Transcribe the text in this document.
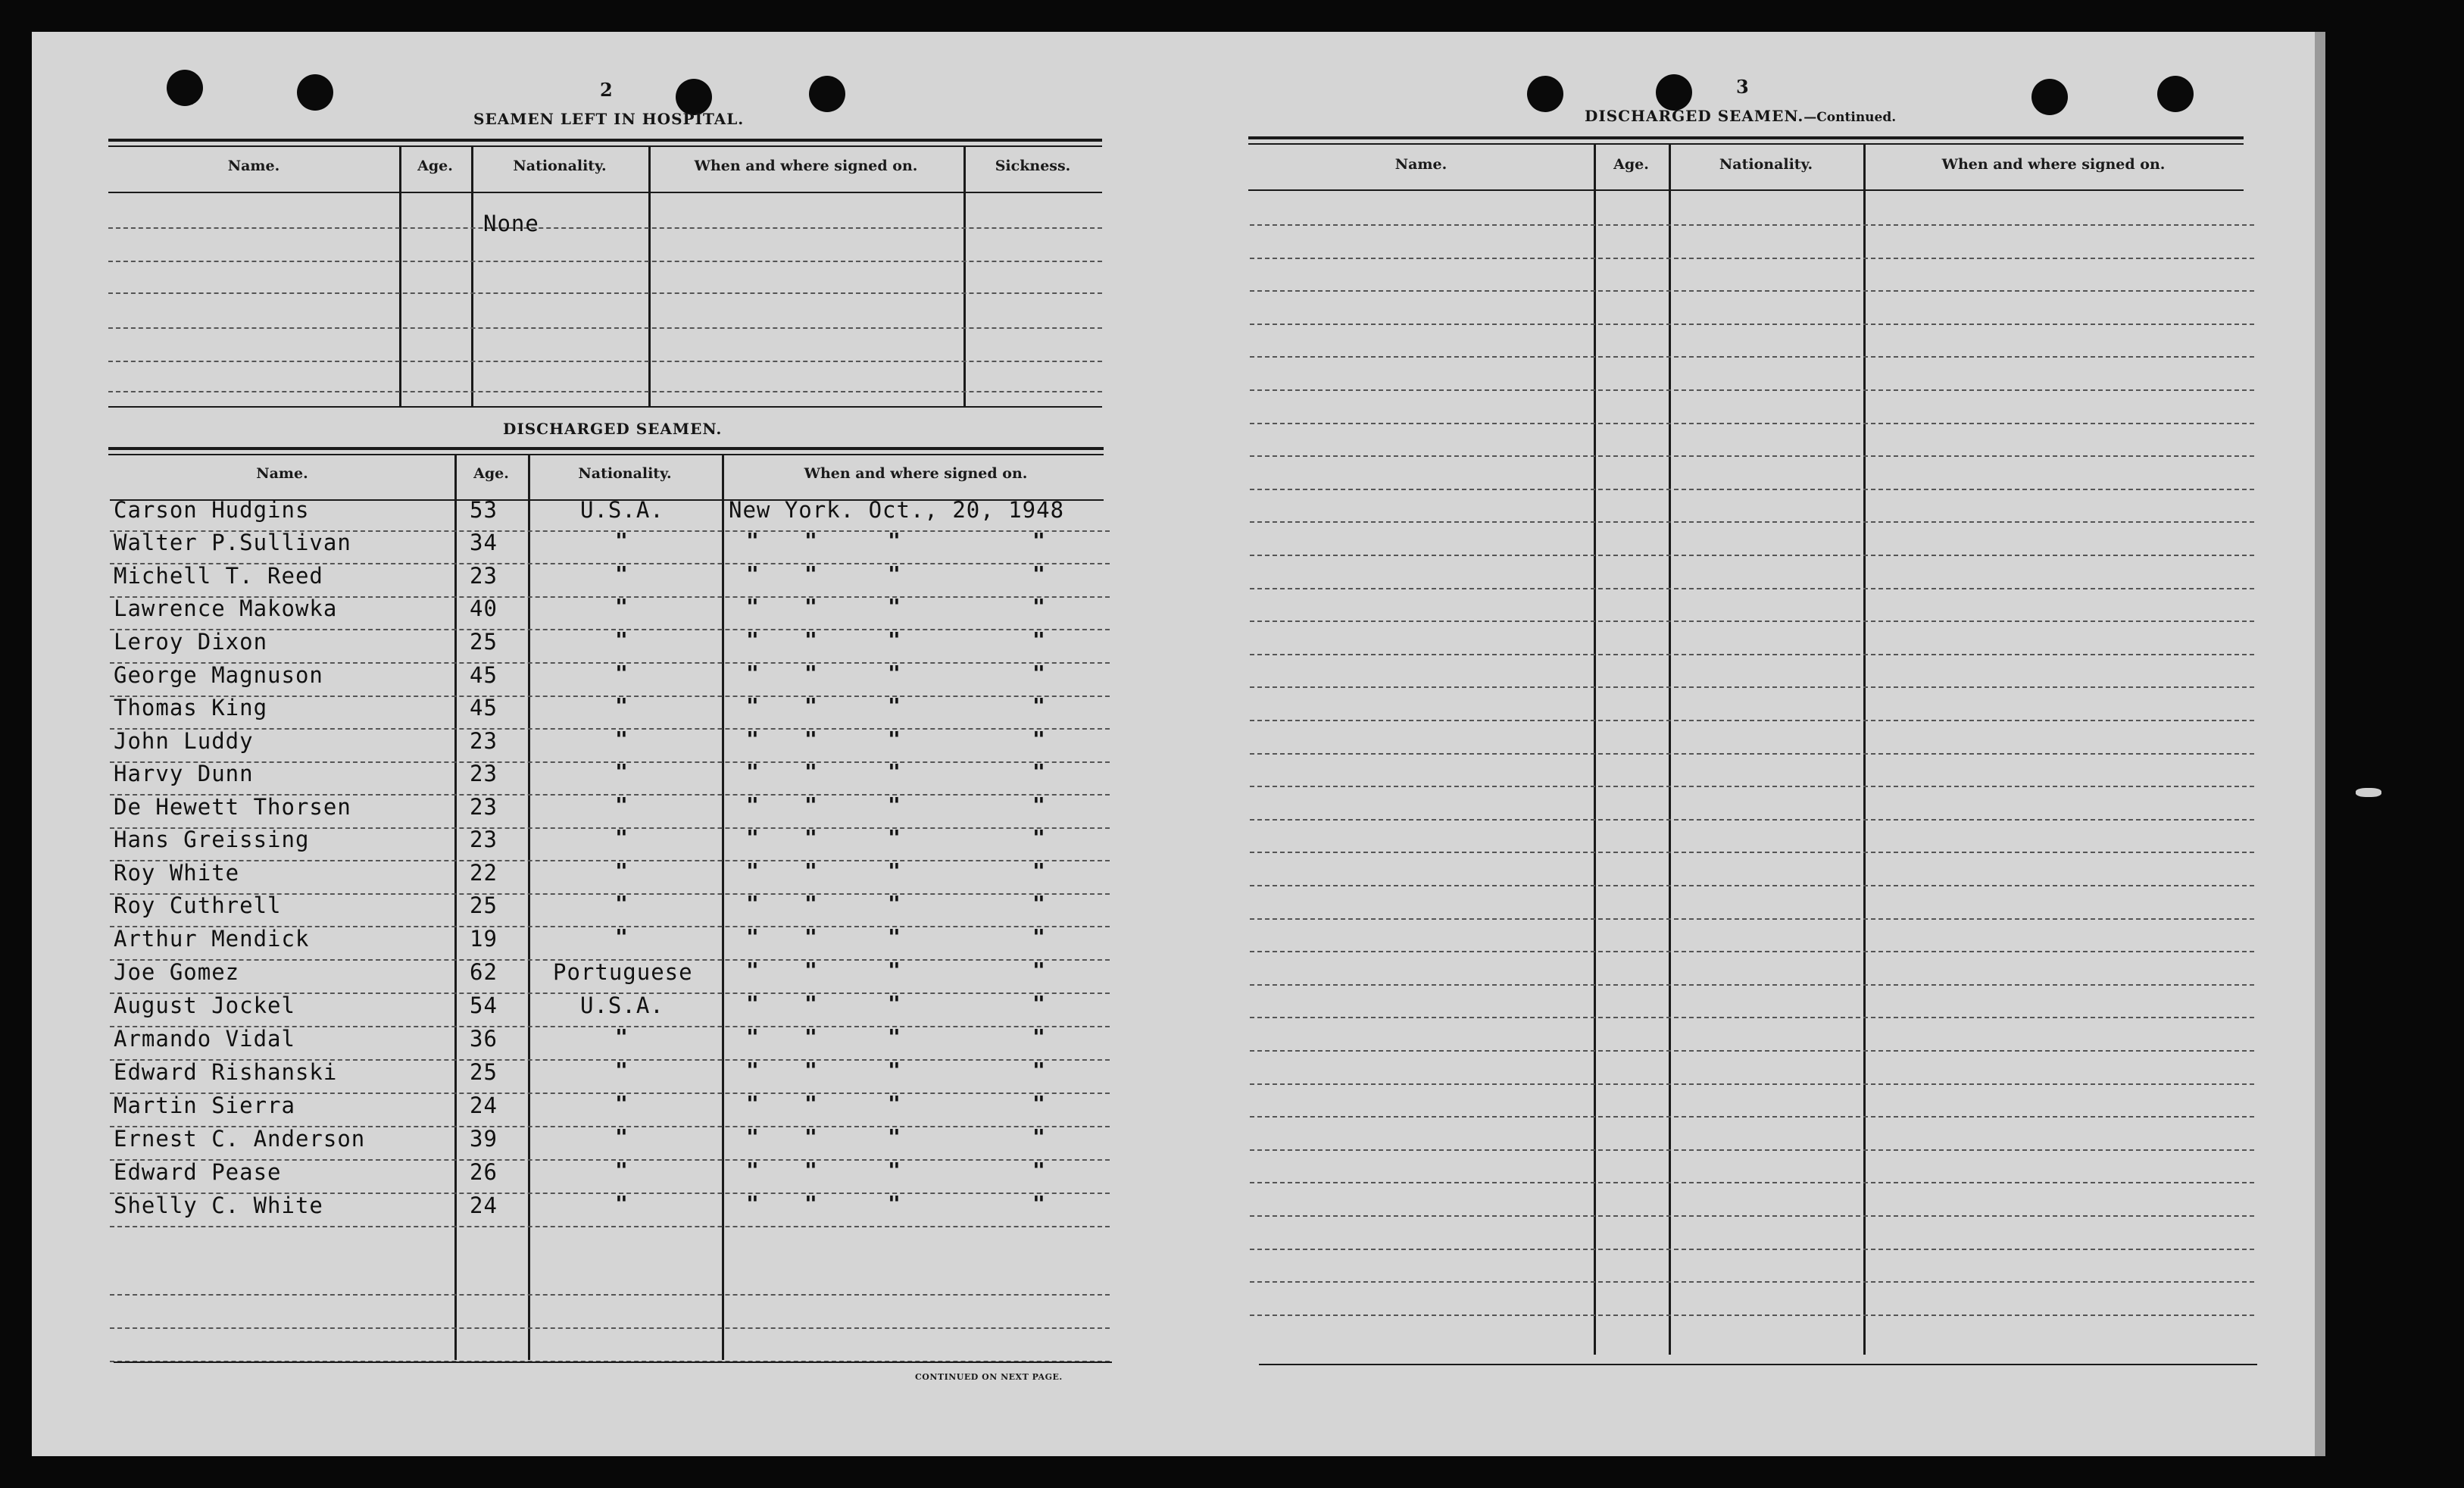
2
SEAMEN LEFT IN HOSPITAL.
Name.	Age.	Nationality.	When and where signed on.	Sickness.
None
DISCHARGED SEAMEN.
Name.	Age.	Nationality.	When and where signed on.
Carson Hudgins	53	U.S.A.	New York. Oct., 20, 1948
Walter P.Sullivan	34	"	" "	"	"
Michell T. Reed	23	"	" "	"	"
Lawrence Makowka	40	"	" "	"	"
Leroy Dixon	25	"	" "	"	"
George Magnuson	45	"	" "	"	"
Thomas King	45	"	" "	"	"
John Luddy	23	"	" "	"	"
Harvy Dunn	23	"	" "	"	"
De Hewett Thorsen	23	"	" "	"	"
Hans Greissing	23	"	" "	"	"
Roy White	22	"	" "	"	"
Roy Cuthrell	25	"	" "	"	"
Arthur Mendick	19	"	" "	"	"
Joe Gomez	62	Portuguese	" "	"	"
August Jockel	54	U.S.A.	" "	"	"
Armando Vidal	36	"	" "	"	"
Edward Rishanski	25	"	" "	"	"
Martin Sierra	24	"	" "	"	"
Ernest C. Anderson	39	"	" "	"	"
Edward Pease	26	"	" "	"	"
Shelly C. White	24	"	" "	"	"
CONTINUED ON NEXT PAGE.
3
DISCHARGED SEAMEN.—Continued.
Name.	Age.	Nationality.	When and where signed on.
